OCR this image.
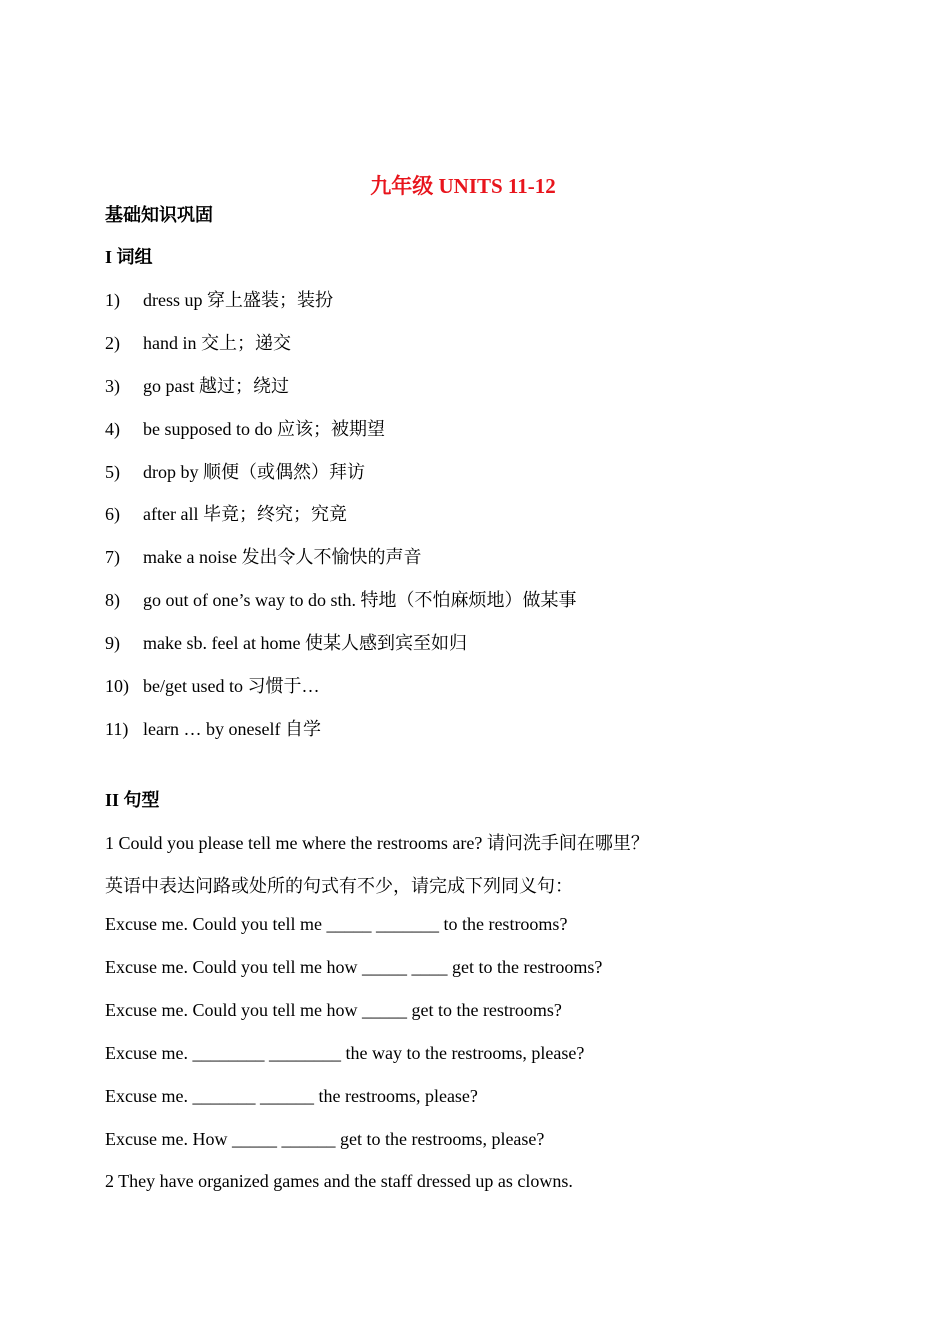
九年级 UNITS 11-12
基础知识巩固
I 词组
1) dress up 穿上盛装；装扮
2) hand in 交上；递交
3) go past 越过；绕过
4) be supposed to do 应该；被期望
5) drop by 顺便（或偶然）拜访
6) after all 毕竟；终究；究竟
7) make a noise 发出令人不愉快的声音
8) go out of one’s way to do sth. 特地（不怕麻烦地）做某事
9) make sb. feel at home 使某人感到宾至如归
10) be/get used to 习惯于…
11) learn … by oneself 自学
II 句型
1 Could you please tell me where the restrooms are? 请问洗手间在哪里？
英语中表达问路或处所的句式有不少，请完成下列同义句：
Excuse me. Could you tell me _____ _______ to the restrooms?
Excuse me. Could you tell me how _____ ____ get to the restrooms?
Excuse me. Could you tell me how _____ get to the restrooms?
Excuse me. ________ ________ the way to the restrooms, please?
Excuse me. _______ ______ the restrooms, please?
Excuse me. How _____ ______ get to the restrooms, please?
2 They have organized games and the staff dressed up as clowns.
